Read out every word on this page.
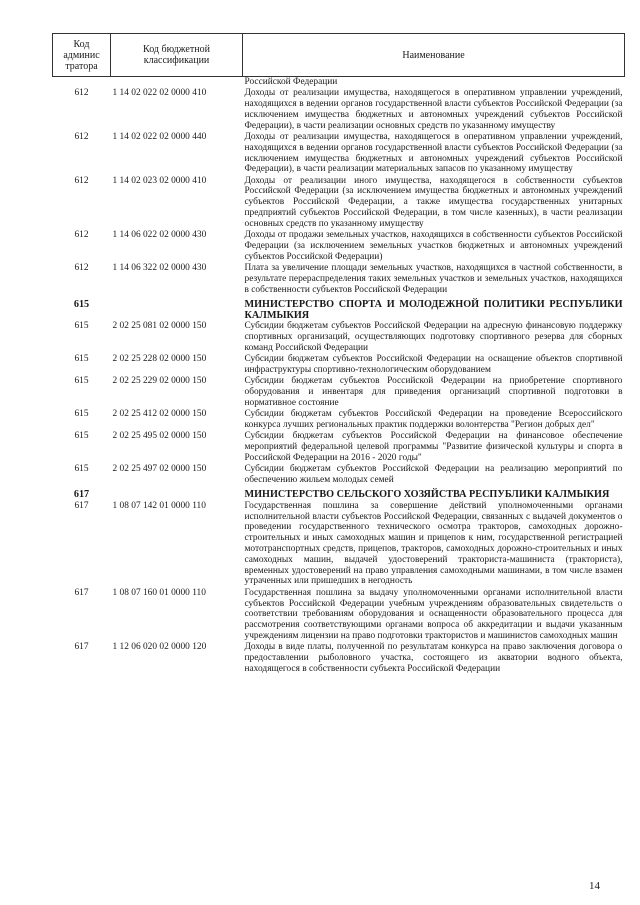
Код админис тратора	Код бюджетной классификации	Наименование
		Российской Федерации
612	1 14 02 022 02 0000 410	Доходы от реализации имущества, находящегося в оперативном управлении учреждений, находящихся в ведении органов государственной власти субъектов Российской Федерации (за исключением имущества бюджетных и автономных учреждений субъектов Российской Федерации), в части реализации основных средств по указанному имуществу
612	1 14 02 022 02 0000 440	Доходы от реализации имущества, находящегося в оперативном управлении учреждений, находящихся в ведении органов государственной власти субъектов Российской Федерации (за исключением имущества бюджетных и автономных учреждений субъектов Российской Федерации), в части реализации материальных запасов по указанному имуществу
612	1 14 02 023 02 0000 410	Доходы от реализации иного имущества, находящегося в собственности субъектов Российской Федерации (за исключением имущества бюджетных и автономных учреждений субъектов Российской Федерации, а также имущества государственных унитарных предприятий субъектов Российской Федерации, в том числе казенных), в части реализации основных средств по указанному имуществу
612	1 14 06 022 02 0000 430	Доходы от продажи земельных участков, находящихся в собственности субъектов Российской Федерации (за исключением земельных участков бюджетных и автономных учреждений субъектов Российской Федерации)
612	1 14 06 322 02 0000 430	Плата за увеличение площади земельных участков, находящихся в частной собственности, в результате перераспределения таких земельных участков и земельных участков, находящихся в собственности субъектов Российской Федерации
615		МИНИСТЕРСТВО СПОРТА И МОЛОДЕЖНОЙ ПОЛИТИКИ РЕСПУБЛИКИ КАЛМЫКИЯ
615	2 02 25 081 02 0000 150	Субсидии бюджетам субъектов Российской Федерации на адресную финансовую поддержку спортивных организаций, осуществляющих подготовку спортивного резерва для сборных команд Российской Федерации
615	2 02 25 228 02 0000 150	Субсидии бюджетам субъектов Российской Федерации на оснащение объектов спортивной инфраструктуры спортивно-технологическим оборудованием
615	2 02 25 229 02 0000 150	Субсидии бюджетам субъектов Российской Федерации на приобретение спортивного оборудования и инвентаря для приведения организаций спортивной подготовки в нормативное состояние
615	2 02 25 412 02 0000 150	Субсидии бюджетам субъектов Российской Федерации на проведение Всероссийского конкурса лучших региональных практик поддержки волонтерства "Регион добрых дел"
615	2 02 25 495 02 0000 150	Субсидии бюджетам субъектов Российской Федерации на финансовое обеспечение мероприятий федеральной целевой программы "Развитие физической культуры и спорта в Российской Федерации на 2016 - 2020 годы"
615	2 02 25 497 02 0000 150	Субсидии бюджетам субъектов Российской Федерации на реализацию мероприятий по обеспечению жильем молодых семей
617		МИНИСТЕРСТВО СЕЛЬСКОГО ХОЗЯЙСТВА РЕСПУБЛИКИ КАЛМЫКИЯ
617	1 08 07 142 01 0000 110	Государственная пошлина за совершение действий уполномоченными органами исполнительной власти субъектов Российской Федерации, связанных с выдачей документов о проведении государственного технического осмотра тракторов, самоходных дорожно-строительных и иных самоходных машин и прицепов к ним, государственной регистрацией мототранспортных средств, прицепов, тракторов, самоходных дорожно-строительных и иных самоходных машин, выдачей удостоверений тракториста-машиниста (тракториста), временных удостоверений на право управления самоходными машинами, в том числе взамен утраченных или пришедших в негодность
617	1 08 07 160 01 0000 110	Государственная пошлина за выдачу уполномоченными органами исполнительной власти субъектов Российской Федерации учебным учреждениям образовательных свидетельств о соответствии требованиям оборудования и оснащенности образовательного процесса для рассмотрения соответствующими органами вопроса об аккредитации и выдачи указанным учреждениям лицензии на право подготовки трактористов и машинистов самоходных машин
617	1 12 06 020 02 0000 120	Доходы в виде платы, полученной по результатам конкурса на право заключения договора о предоставлении рыболовного участка, состоящего из акватории водного объекта, находящегося в собственности субъекта Российской Федерации
14
